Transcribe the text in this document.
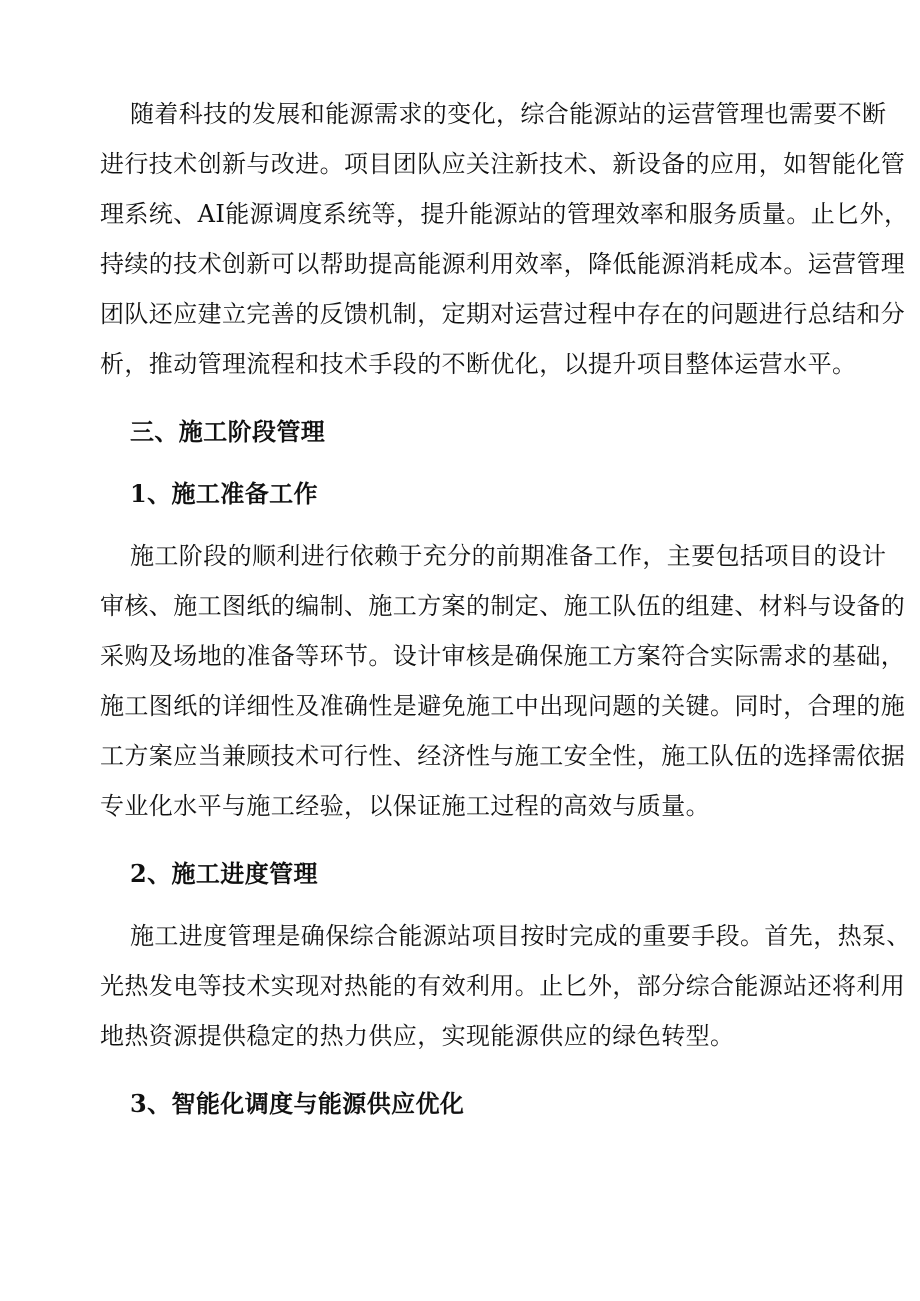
随着科技的发展和能源需求的变化，综合能源站的运营管理也需要不断

进行技术创新与改进。项目团队应关注新技术、新设备的应用，如智能化管

理系统、AI能源调度系统等，提升能源站的管理效率和服务质量。止匕外，

持续的技术创新可以帮助提高能源利用效率，降低能源消耗成本。运营管理

团队还应建立完善的反馈机制，定期对运营过程中存在的问题进行总结和分

析，推动管理流程和技术手段的不断优化，以提升项目整体运营水平。

三、施工阶段管理
1、施工准备工作

施工阶段的顺利进行依赖于充分的前期准备工作，主要包括项目的设计

审核、施工图纸的编制、施工方案的制定、施工队伍的组建、材料与设备的

采购及场地的准备等环节。设计审核是确保施工方案符合实际需求的基础，

施工图纸的详细性及准确性是避免施工中出现问题的关键。同时，合理的施

工方案应当兼顾技术可行性、经济性与施工安全性，施工队伍的选择需依据

专业化水平与施工经验，以保证施工过程的高效与质量。

2、施工进度管理

施工进度管理是确保综合能源站项目按时完成的重要手段。首先，热泵、

光热发电等技术实现对热能的有效利用。止匕外，部分综合能源站还将利用

地热资源提供稳定的热力供应，实现能源供应的绿色转型。

3、智能化调度与能源供应优化
